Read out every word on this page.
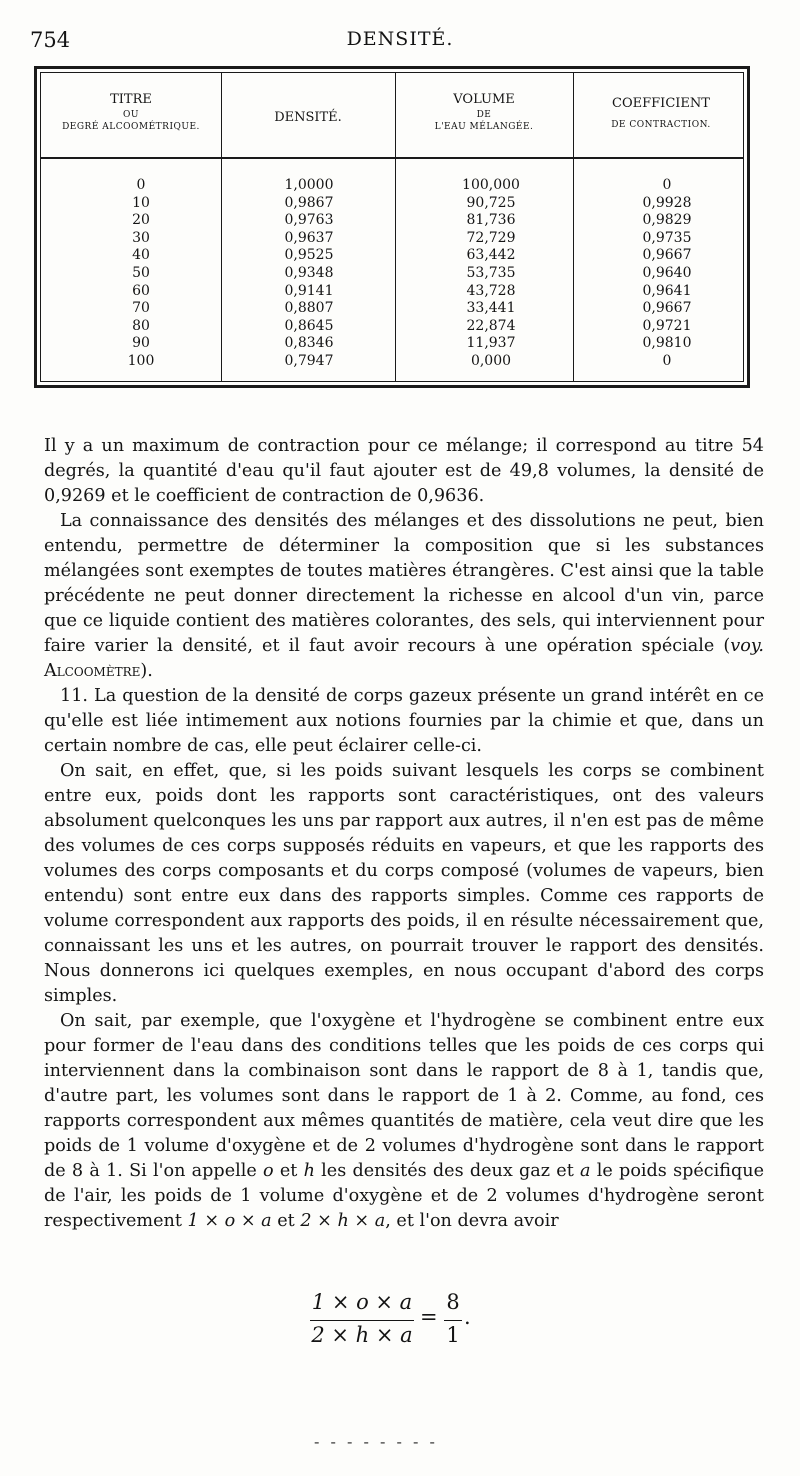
754	DENSITÉ.
TITRE
OU
DEGRÉ ALCOOMÉTRIQUE.
DENSITÉ.
VOLUME
DE
L'EAU MÉLANGÉE.
COEFFICIENT
DE CONTRACTION.
0
10
20
30
40
50
60
70
80
90
100
1,0000
0,9867
0,9763
0,9637
0,9525
0,9348
0,9141
0,8807
0,8645
0,8346
0,7947
100,000
90,725
81,736
72,729
63,442
53,735
43,728
33,441
22,874
11,937
0,000
0
0,9928
0,9829
0,9735
0,9667
0,9640
0,9641
0,9667
0,9721
0,9810
0

Il y a un maximum de contraction pour ce mélange; il correspond au titre 54 degrés, la quantité d'eau qu'il faut ajouter est de 49,8 volumes, la densité de 0,9269 et le coefficient de contraction de 0,9636.

La connaissance des densités des mélanges et des dissolutions ne peut, bien entendu, permettre de déterminer la composition que si les substances mélangées sont exemptes de toutes matières étrangères. C'est ainsi que la table précédente ne peut donner directement la richesse en alcool d'un vin, parce que ce liquide contient des matières colorantes, des sels, qui interviennent pour faire varier la densité, et il faut avoir recours à une opération spéciale (voy. Alcoomètre).

11. La question de la densité de corps gazeux présente un grand intérêt en ce qu'elle est liée intimement aux notions fournies par la chimie et que, dans un certain nombre de cas, elle peut éclairer celle-ci.

On sait, en effet, que, si les poids suivant lesquels les corps se combinent entre eux, poids dont les rapports sont caractéristiques, ont des valeurs absolument quelconques les uns par rapport aux autres, il n'en est pas de même des volumes de ces corps supposés réduits en vapeurs, et que les rapports des volumes des corps composants et du corps composé (volumes de vapeurs, bien entendu) sont entre eux dans des rapports simples. Comme ces rapports de volume correspondent aux rapports des poids, il en résulte nécessairement que, connaissant les uns et les autres, on pourrait trouver le rapport des densités. Nous donnerons ici quelques exemples, en nous occupant d'abord des corps simples.

On sait, par exemple, que l'oxygène et l'hydrogène se combinent entre eux pour former de l'eau dans des conditions telles que les poids de ces corps qui interviennent dans la combinaison sont dans le rapport de 8 à 1, tandis que, d'autre part, les volumes sont dans le rapport de 1 à 2. Comme, au fond, ces rapports correspondent aux mêmes quantités de matière, cela veut dire que les poids de 1 volume d'oxygène et de 2 volumes d'hydrogène sont dans le rapport de 8 à 1. Si l'on appelle o et h les densités des deux gaz et a le poids spécifique de l'air, les poids de 1 volume d'oxygène et de 2 volumes d'hydrogène seront respectivement 1 × o × a et 2 × h × a, et l'on devra avoir

1 × o × a
2 × h × a
=
8
1
.
- - - - - - - -
